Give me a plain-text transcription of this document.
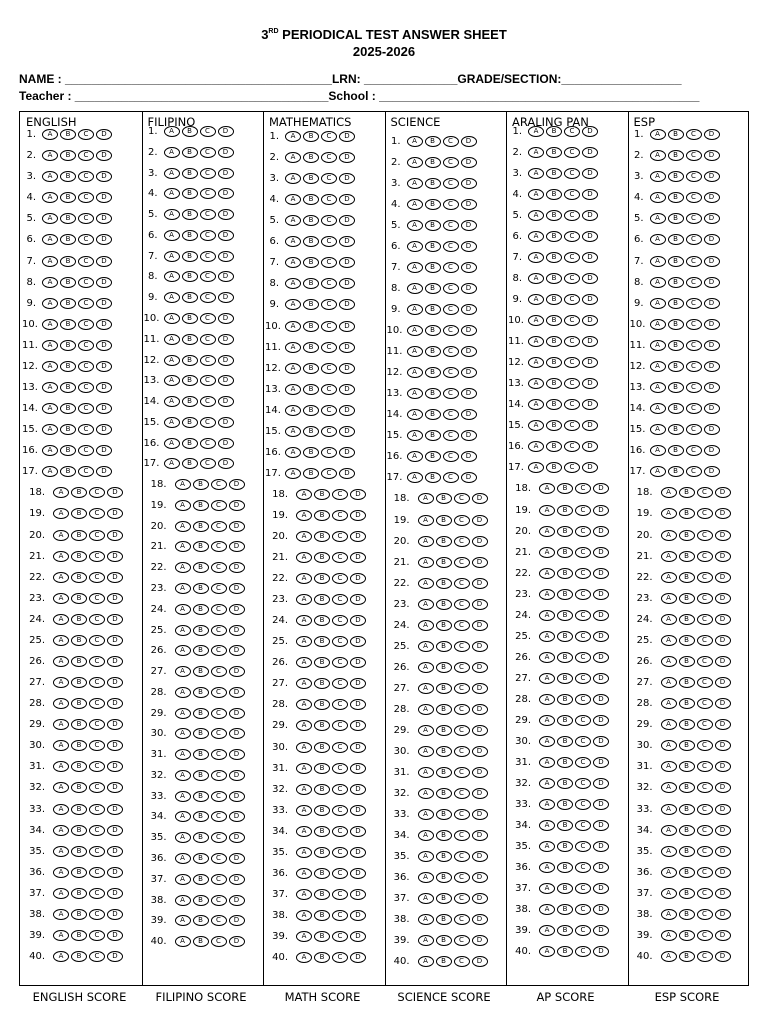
3RD PERIODICAL TEST ANSWER SHEET
2025-2026
NAME : ________________________________________LRN: ______________GRADE/SECTION:__________________
Teacher : ______________________________________School : ________________________________________________
ENGLISH
1.	A	B	C	D
2.	A	B	C	D
3.	A	B	C	D
4.	A	B	C	D
5.	A	B	C	D
6.	A	B	C	D
7.	A	B	C	D
8.	A	B	C	D
9.	A	B	C	D
10.	A	B	C	D
11.	A	B	C	D
12.	A	B	C	D
13.	A	B	C	D
14.	A	B	C	D
15.	A	B	C	D
16.	A	B	C	D
17.	A	B	C	D
18.	A	B	C	D
19.	A	B	C	D
20.	A	B	C	D
21.	A	B	C	D
22.	A	B	C	D
23.	A	B	C	D
24.	A	B	C	D
25.	A	B	C	D
26.	A	B	C	D
27.	A	B	C	D
28.	A	B	C	D
29.	A	B	C	D
30.	A	B	C	D
31.	A	B	C	D
32.	A	B	C	D
33.	A	B	C	D
34.	A	B	C	D
35.	A	B	C	D
36.	A	B	C	D
37.	A	B	C	D
38.	A	B	C	D
39.	A	B	C	D
40.	A	B	C	D
FILIPINO
1.	A	B	C	D
2.	A	B	C	D
3.	A	B	C	D
4.	A	B	C	D
5.	A	B	C	D
6.	A	B	C	D
7.	A	B	C	D
8.	A	B	C	D
9.	A	B	C	D
10.	A	B	C	D
11.	A	B	C	D
12.	A	B	C	D
13.	A	B	C	D
14.	A	B	C	D
15.	A	B	C	D
16.	A	B	C	D
17.	A	B	C	D
18.	A	B	C	D
19.	A	B	C	D
20.	A	B	C	D
21.	A	B	C	D
22.	A	B	C	D
23.	A	B	C	D
24.	A	B	C	D
25.	A	B	C	D
26.	A	B	C	D
27.	A	B	C	D
28.	A	B	C	D
29.	A	B	C	D
30.	A	B	C	D
31.	A	B	C	D
32.	A	B	C	D
33.	A	B	C	D
34.	A	B	C	D
35.	A	B	C	D
36.	A	B	C	D
37.	A	B	C	D
38.	A	B	C	D
39.	A	B	C	D
40.	A	B	C	D
MATHEMATICS
1.	A	B	C	D
2.	A	B	C	D
3.	A	B	C	D
4.	A	B	C	D
5.	A	B	C	D
6.	A	B	C	D
7.	A	B	C	D
8.	A	B	C	D
9.	A	B	C	D
10.	A	B	C	D
11.	A	B	C	D
12.	A	B	C	D
13.	A	B	C	D
14.	A	B	C	D
15.	A	B	C	D
16.	A	B	C	D
17.	A	B	C	D
18.	A	B	C	D
19.	A	B	C	D
20.	A	B	C	D
21.	A	B	C	D
22.	A	B	C	D
23.	A	B	C	D
24.	A	B	C	D
25.	A	B	C	D
26.	A	B	C	D
27.	A	B	C	D
28.	A	B	C	D
29.	A	B	C	D
30.	A	B	C	D
31.	A	B	C	D
32.	A	B	C	D
33.	A	B	C	D
34.	A	B	C	D
35.	A	B	C	D
36.	A	B	C	D
37.	A	B	C	D
38.	A	B	C	D
39.	A	B	C	D
40.	A	B	C	D
SCIENCE
1.	A	B	C	D
2.	A	B	C	D
3.	A	B	C	D
4.	A	B	C	D
5.	A	B	C	D
6.	A	B	C	D
7.	A	B	C	D
8.	A	B	C	D
9.	A	B	C	D
10.	A	B	C	D
11.	A	B	C	D
12.	A	B	C	D
13.	A	B	C	D
14.	A	B	C	D
15.	A	B	C	D
16.	A	B	C	D
17.	A	B	C	D
18.	A	B	C	D
19.	A	B	C	D
20.	A	B	C	D
21.	A	B	C	D
22.	A	B	C	D
23.	A	B	C	D
24.	A	B	C	D
25.	A	B	C	D
26.	A	B	C	D
27.	A	B	C	D
28.	A	B	C	D
29.	A	B	C	D
30.	A	B	C	D
31.	A	B	C	D
32.	A	B	C	D
33.	A	B	C	D
34.	A	B	C	D
35.	A	B	C	D
36.	A	B	C	D
37.	A	B	C	D
38.	A	B	C	D
39.	A	B	C	D
40.	A	B	C	D
ARALING PAN
1.	A	B	C	D
2.	A	B	C	D
3.	A	B	C	D
4.	A	B	C	D
5.	A	B	C	D
6.	A	B	C	D
7.	A	B	C	D
8.	A	B	C	D
9.	A	B	C	D
10.	A	B	C	D
11.	A	B	C	D
12.	A	B	C	D
13.	A	B	C	D
14.	A	B	C	D
15.	A	B	C	D
16.	A	B	C	D
17.	A	B	C	D
18.	A	B	C	D
19.	A	B	C	D
20.	A	B	C	D
21.	A	B	C	D
22.	A	B	C	D
23.	A	B	C	D
24.	A	B	C	D
25.	A	B	C	D
26.	A	B	C	D
27.	A	B	C	D
28.	A	B	C	D
29.	A	B	C	D
30.	A	B	C	D
31.	A	B	C	D
32.	A	B	C	D
33.	A	B	C	D
34.	A	B	C	D
35.	A	B	C	D
36.	A	B	C	D
37.	A	B	C	D
38.	A	B	C	D
39.	A	B	C	D
40.	A	B	C	D
ESP
1.	A	B	C	D
2.	A	B	C	D
3.	A	B	C	D
4.	A	B	C	D
5.	A	B	C	D
6.	A	B	C	D
7.	A	B	C	D
8.	A	B	C	D
9.	A	B	C	D
10.	A	B	C	D
11.	A	B	C	D
12.	A	B	C	D
13.	A	B	C	D
14.	A	B	C	D
15.	A	B	C	D
16.	A	B	C	D
17.	A	B	C	D
18.	A	B	C	D
19.	A	B	C	D
20.	A	B	C	D
21.	A	B	C	D
22.	A	B	C	D
23.	A	B	C	D
24.	A	B	C	D
25.	A	B	C	D
26.	A	B	C	D
27.	A	B	C	D
28.	A	B	C	D
29.	A	B	C	D
30.	A	B	C	D
31.	A	B	C	D
32.	A	B	C	D
33.	A	B	C	D
34.	A	B	C	D
35.	A	B	C	D
36.	A	B	C	D
37.	A	B	C	D
38.	A	B	C	D
39.	A	B	C	D
40.	A	B	C	D
ENGLISH SCORE	FILIPINO SCORE	MATH SCORE	SCIENCE SCORE	AP SCORE	ESP SCORE
